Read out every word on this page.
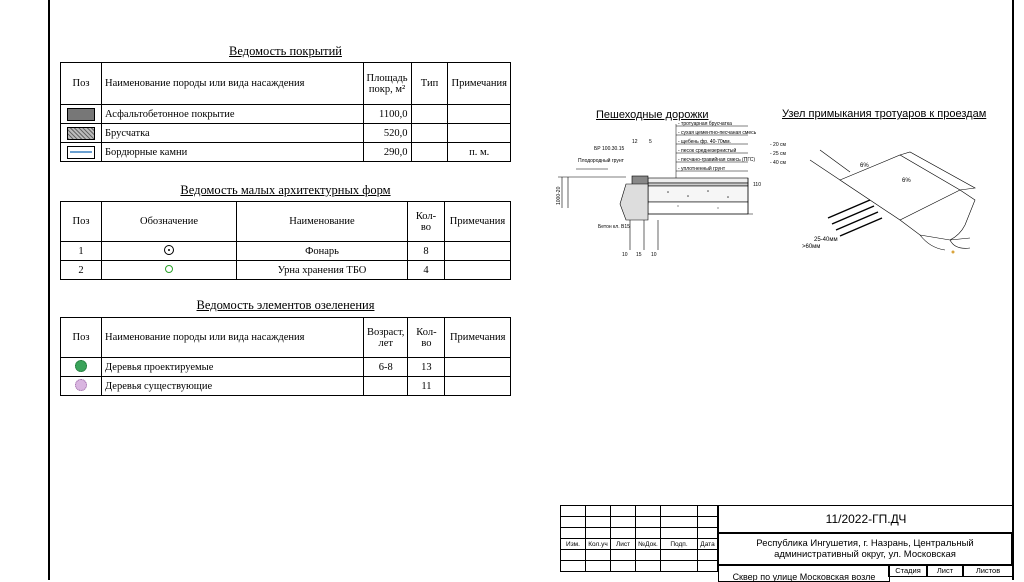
Ведомость покрытий
Поз	Наименование породы или вида насаждения	Площадь покр, м²	Тип	Примечания
	Асфальтобетонное покрытие	1100,0		
	Брусчатка	520,0		
	Бордюрные камни	290,0		п. м.
Ведомость малых архитектурных форм
Поз	Обозначение	Наименование	Кол-во	Примечания
1		Фонарь	8	
2		Урна хранения ТБО	4	
Ведомость элементов озеленения
Поз	Наименование породы или вида насаждения	Возраст, лет	Кол-во	Примечания
	Деревья проектируемые	6-8	13	
	Деревья существующие		11	
Пешеходные дорожки	Узел примыкания тротуаров к проездам
- тротуарная брусчатка
- сухая цементно-песчаная смесь
- щебень фр. 40-70мм.
- песок среднезернистый
- песчано-гравийная смесь (ПГС)
- уплотненный грунт
- 20 см
- 25 см
- 40 см
БР 100.30.15
Плодородный грунт
Бетон кл. В15
12 5
10 15 10
110
1000-20
6%
6%
25-40мм
>60мм

Изм.	Кол.уч	Лист	№Док.	Подп.	Дата

11/2022-ГП.ДЧ
Республика Ингушетия, г. Назрань, Центральный административный округ, ул. Московская
Сквер по улице Московская возле
Стадия	Лист	Листов
